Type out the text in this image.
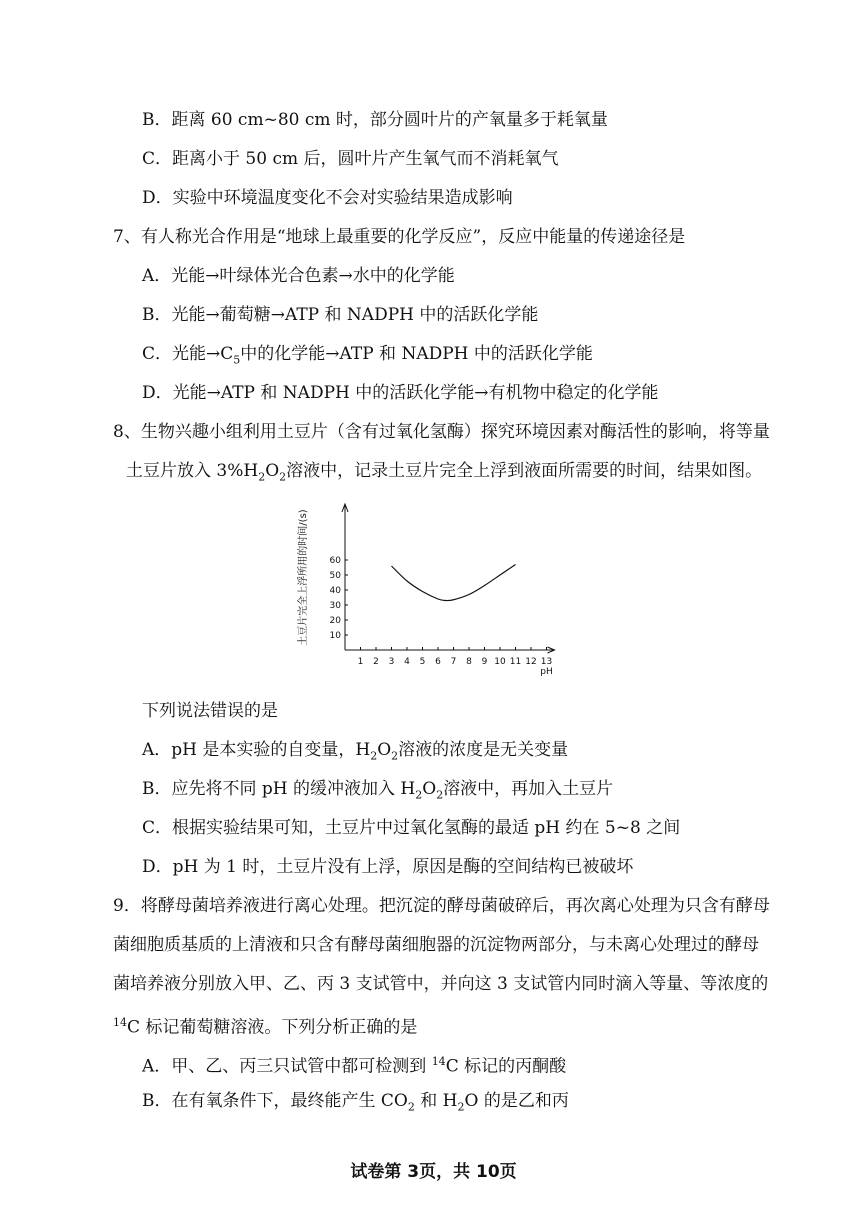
B．距离 60 cm~80 cm 时，部分圆叶片的产氧量多于耗氧量
C．距离小于 50 cm 后，圆叶片产生氧气而不消耗氧气
D．实验中环境温度变化不会对实验结果造成影响
7、有人称光合作用是“地球上最重要的化学反应”，反应中能量的传递途径是
A．光能→叶绿体光合色素→水中的化学能
B．光能→葡萄糖→ATP 和 NADPH 中的活跃化学能
C．光能$\to C_5$中的化学能→ATP 和 NADPH 中的活跃化学能
D．光能→ATP 和 NADPH 中的活跃化学能→有机物中稳定的化学能
8、生物兴趣小组利用土豆片（含有过氧化氢酶）探究环境因素对酶活性的影响，将等量
土豆片放入 $3\%H_2O_2$溶液中，记录土豆片完全上浮到液面所需要的时间，结果如图。
1 2 3 4 5 6 7 8 9 10 11 12 13
pH
10
20
30
40
50
60
土豆片完全上浮所用的时间/(s)
下列说法错误的是
A．pH 是本实验的自变量，$H_2O_2$溶液的浓度是无关变量
B．应先将不同 pH 的缓冲液加入 $H_2O_2$溶液中，再加入土豆片
C．根据实验结果可知，土豆片中过氧化氢酶的最适 pH 约在 5~8 之间
D．pH 为 1 时，土豆片没有上浮，原因是酶的空间结构已被破坏
9．将酵母菌培养液进行离心处理。把沉淀的酵母菌破碎后，再次离心处理为只含有酵母
菌细胞质基质的上清液和只含有酵母菌细胞器的沉淀物两部分，与未离心处理过的酵母
菌培养液分别放入甲、乙、丙 3 支试管中，并向这 3 支试管内同时滴入等量、等浓度的
$^{14}$C 标记葡萄糖溶液。下列分析正确的是
A．甲、乙、丙三只试管中都可检测到 $^{14}$C 标记的丙酮酸
B．在有氧条件下，最终能产生 $CO_2$ 和 $H_2O$ 的是乙和丙
试卷第 3页，共 10页
